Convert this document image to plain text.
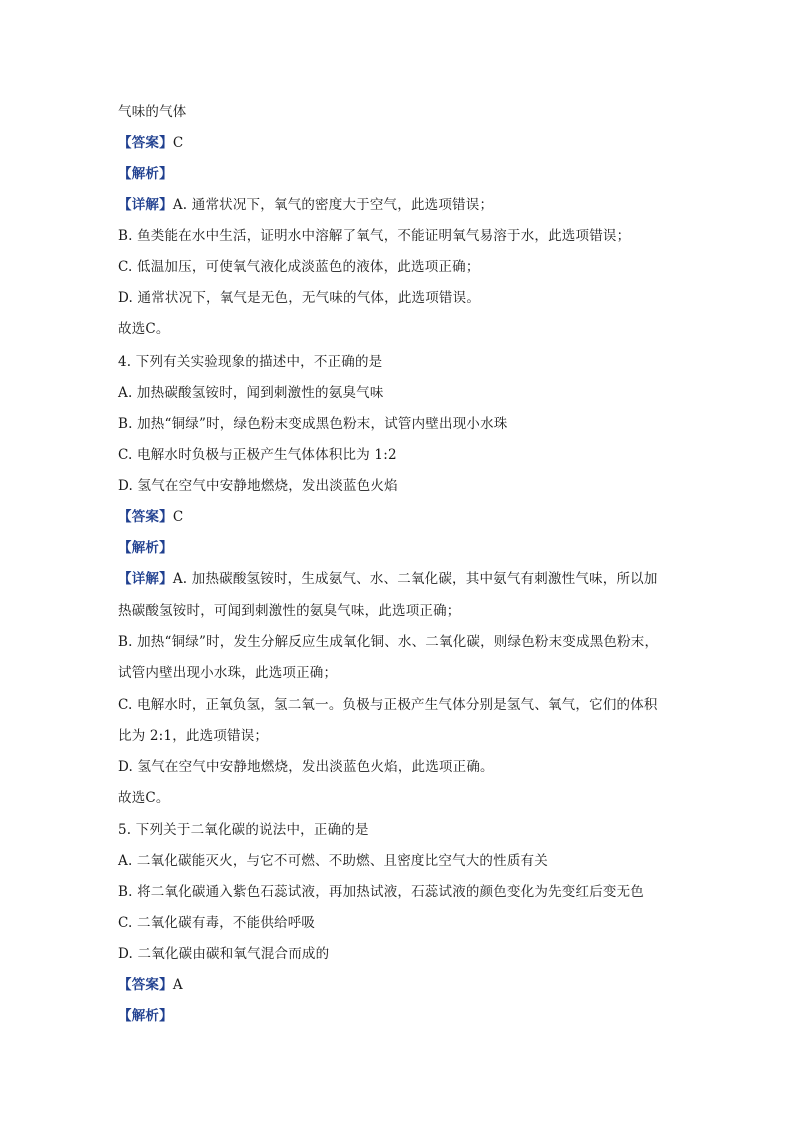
气味的气体
【答案】C
【解析】
【详解】A. 通常状况下，氧气的密度大于空气，此选项错误；
B. 鱼类能在水中生活，证明水中溶解了氧气，不能证明氧气易溶于水，此选项错误；
C. 低温加压，可使氧气液化成淡蓝色的液体，此选项正确；
D. 通常状况下，氧气是无色，无气味的气体，此选项错误。
故选C。
4. 下列有关实验现象的描述中，不正确的是
A. 加热碳酸氢铵时，闻到刺激性的氨臭气味
B. 加热“铜绿”时，绿色粉末变成黑色粉末，试管内壁出现小水珠
C. 电解水时负极与正极产生气体体积比为 1:2
D. 氢气在空气中安静地燃烧，发出淡蓝色火焰
【答案】C
【解析】
【详解】A. 加热碳酸氢铵时，生成氨气、水、二氧化碳，其中氨气有刺激性气味，所以加
热碳酸氢铵时，可闻到刺激性的氨臭气味，此选项正确；
B. 加热“铜绿”时，发生分解反应生成氧化铜、水、二氧化碳，则绿色粉末变成黑色粉末，
试管内壁出现小水珠，此选项正确；
C. 电解水时，正氧负氢，氢二氧一。负极与正极产生气体分别是氢气、氧气，它们的体积
比为 2:1，此选项错误；
D. 氢气在空气中安静地燃烧，发出淡蓝色火焰，此选项正确。
故选C。
5. 下列关于二氧化碳的说法中，正确的是
A. 二氧化碳能灭火，与它不可燃、不助燃、且密度比空气大的性质有关
B. 将二氧化碳通入紫色石蕊试液，再加热试液，石蕊试液的颜色变化为先变红后变无色
C. 二氧化碳有毒，不能供给呼吸
D. 二氧化碳由碳和氧气混合而成的
【答案】A
【解析】
